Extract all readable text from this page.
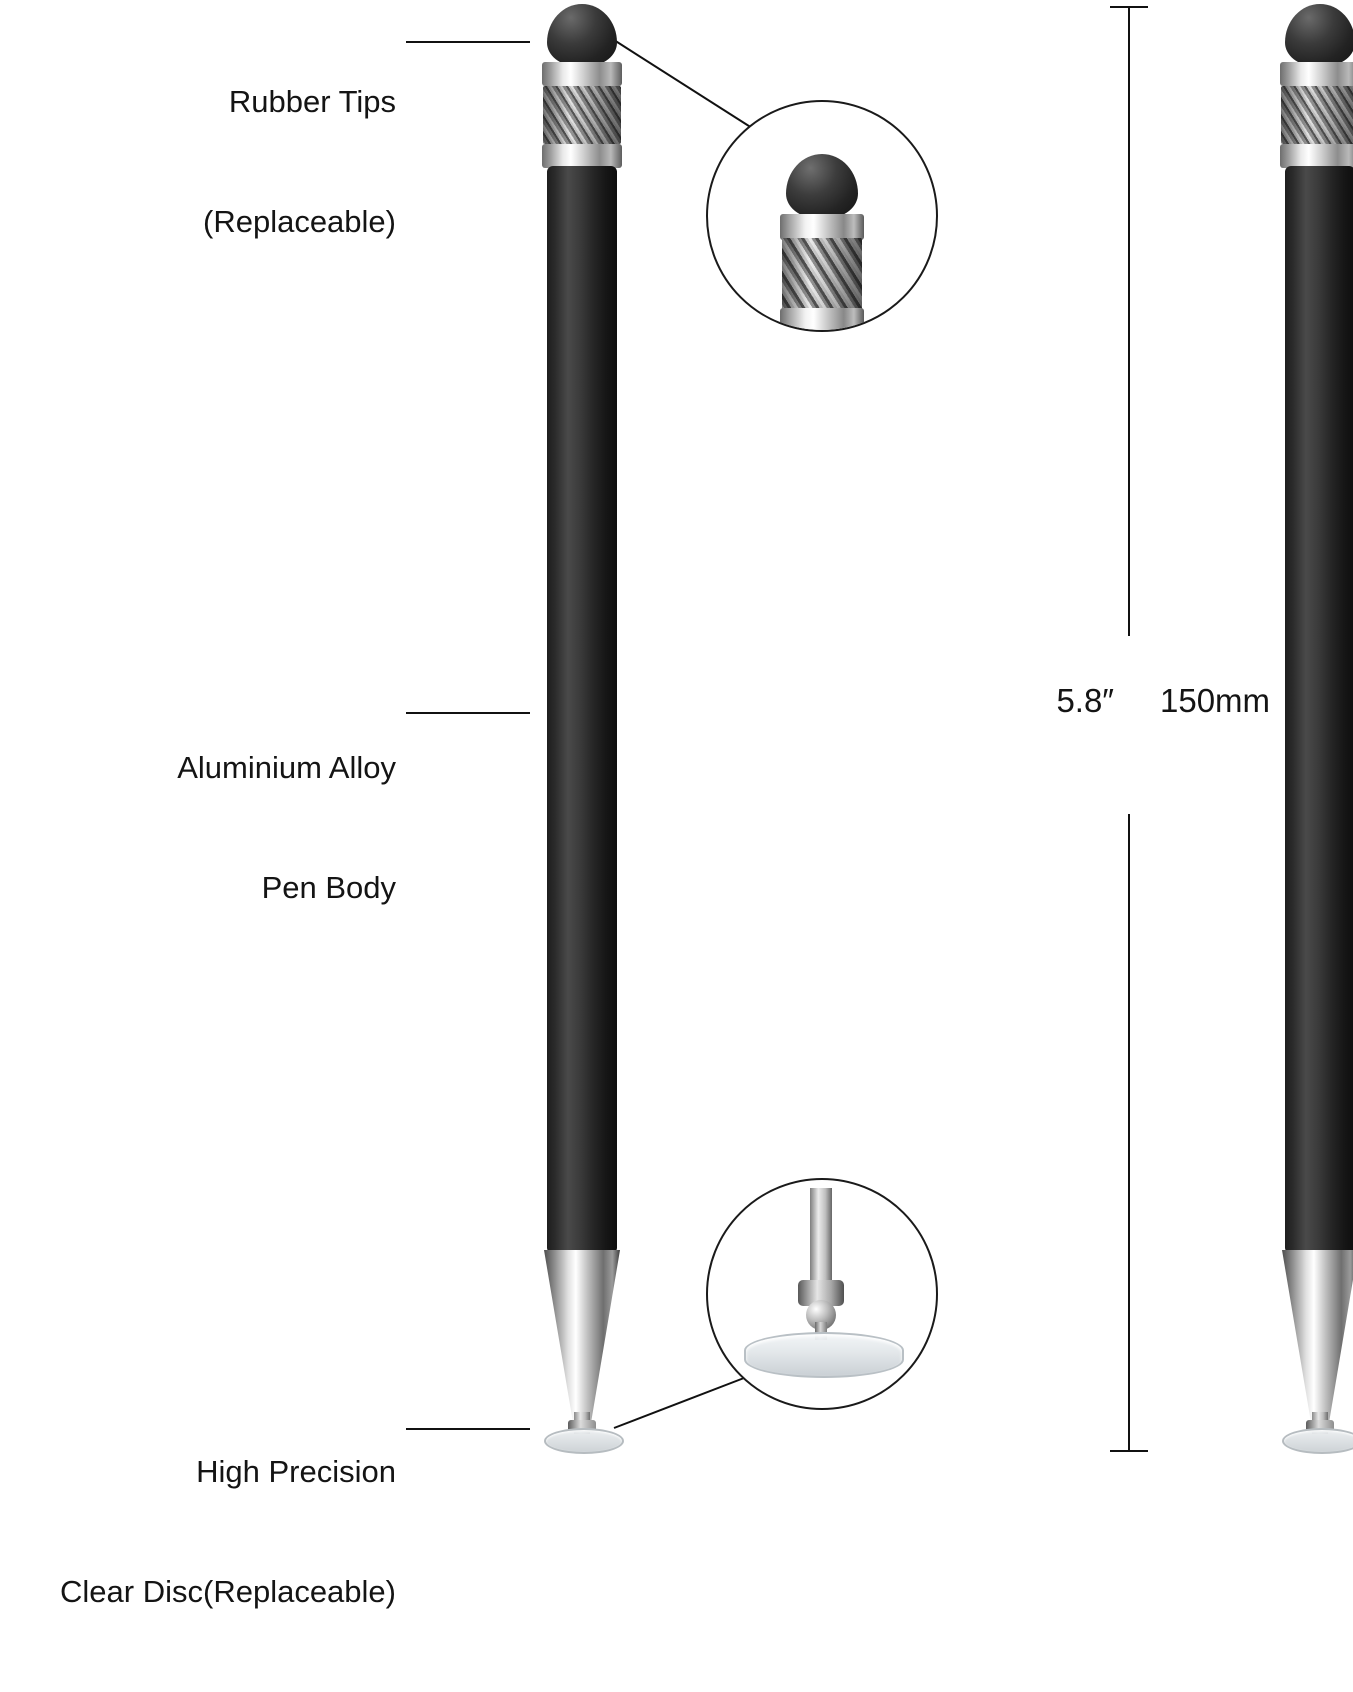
Rubber Tips

(Replaceable)

Aluminium Alloy

Pen Body

High Precision

Clear Disc(Replaceable)

5.8″ 150mm
